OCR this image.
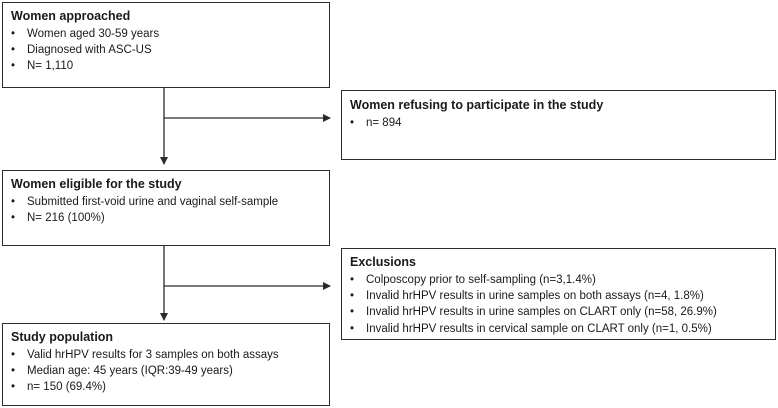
Women approached
• Women aged 30-59 years
• Diagnosed with ASC-US
• N= 1,110
Women refusing to participate in the study
• n= 894
Women eligible for the study
• Submitted first-void urine and vaginal self-sample
• N= 216 (100%)
Exclusions
• Colposcopy prior to self-sampling (n=3,1.4%)
• Invalid hrHPV results in urine samples on both assays (n=4, 1.8%)
• Invalid hrHPV results in urine samples on CLART only (n=58, 26.9%)
• Invalid hrHPV results in cervical sample on CLART only (n=1, 0.5%)
Study population
• Valid hrHPV results for 3 samples on both assays
• Median age: 45 years (IQR:39-49 years)
• n= 150 (69.4%)
